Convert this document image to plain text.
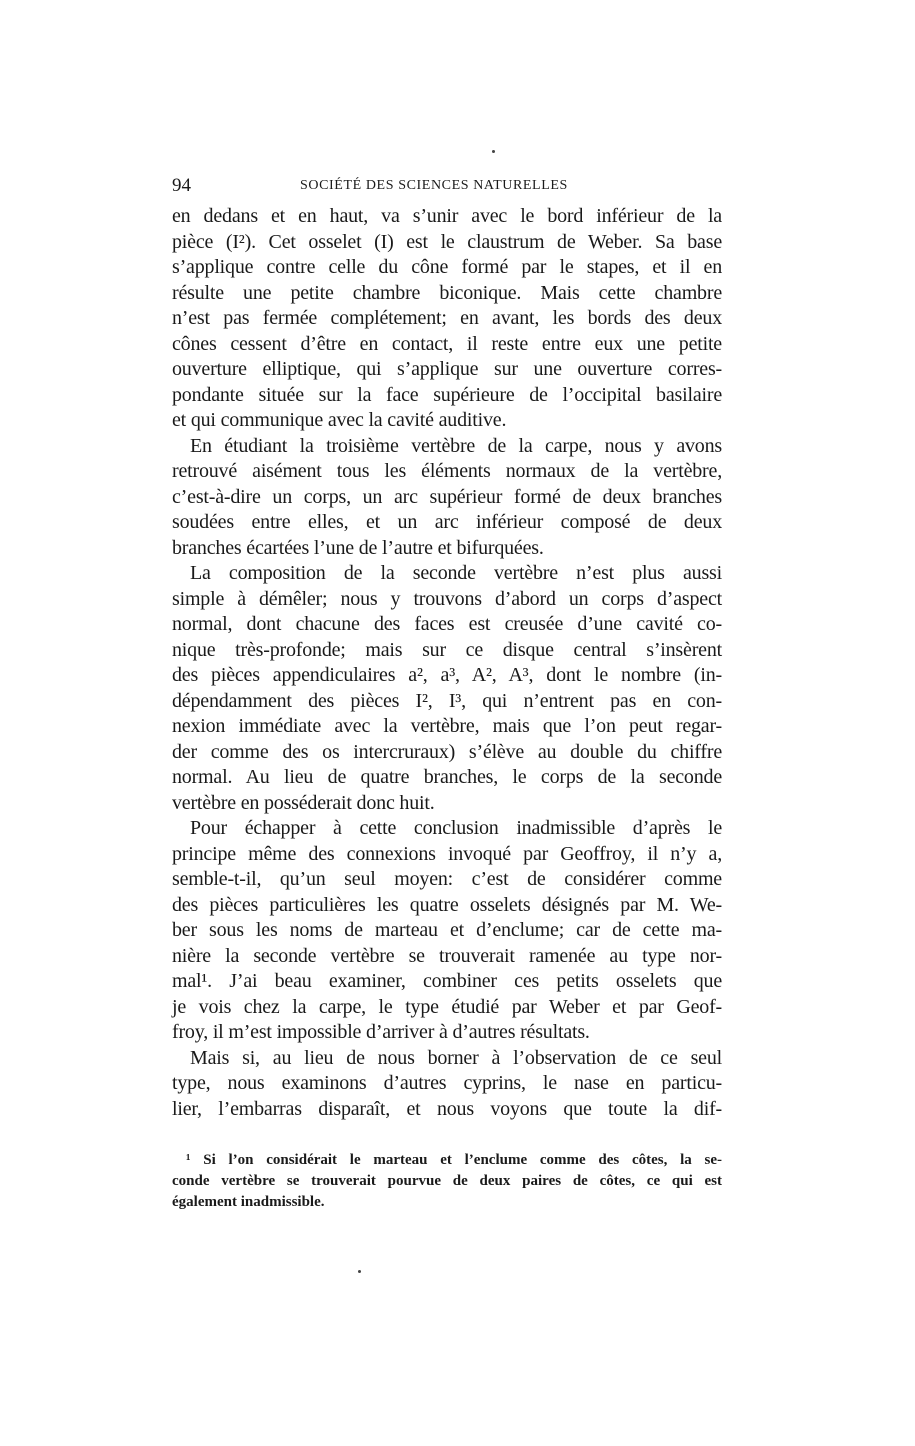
94	SOCIÉTÉ DES SCIENCES NATURELLES
en dedans et en haut, va s’unir avec le bord inférieur de la
pièce (I²). Cet osselet (I) est le claustrum de Weber. Sa base
s’applique contre celle du cône formé par le stapes, et il en
résulte une petite chambre biconique. Mais cette chambre
n’est pas fermée complétement; en avant, les bords des deux
cônes cessent d’être en contact, il reste entre eux une petite
ouverture elliptique, qui s’applique sur une ouverture corres-
pondante située sur la face supérieure de l’occipital basilaire
et qui communique avec la cavité auditive.
En étudiant la troisième vertèbre de la carpe, nous y avons
retrouvé aisément tous les éléments normaux de la vertèbre,
c’est-à-dire un corps, un arc supérieur formé de deux branches
soudées entre elles, et un arc inférieur composé de deux
branches écartées l’une de l’autre et bifurquées.
La composition de la seconde vertèbre n’est plus aussi
simple à démêler; nous y trouvons d’abord un corps d’aspect
normal, dont chacune des faces est creusée d’une cavité co-
nique très-profonde; mais sur ce disque central s’insèrent
des pièces appendiculaires a², a³, A², A³, dont le nombre (in-
dépendamment des pièces I², I³, qui n’entrent pas en con-
nexion immédiate avec la vertèbre, mais que l’on peut regar-
der comme des os intercruraux) s’élève au double du chiffre
normal. Au lieu de quatre branches, le corps de la seconde
vertèbre en posséderait donc huit.
Pour échapper à cette conclusion inadmissible d’après le
principe même des connexions invoqué par Geoffroy, il n’y a,
semble-t-il, qu’un seul moyen: c’est de considérer comme
des pièces particulières les quatre osselets désignés par M. We-
ber sous les noms de marteau et d’enclume; car de cette ma-
nière la seconde vertèbre se trouverait ramenée au type nor-
mal¹. J’ai beau examiner, combiner ces petits osselets que
je vois chez la carpe, le type étudié par Weber et par Geof-
froy, il m’est impossible d’arriver à d’autres résultats.
Mais si, au lieu de nous borner à l’observation de ce seul
type, nous examinons d’autres cyprins, le nase en particu-
lier, l’embarras disparaît, et nous voyons que toute la dif-
¹ Si l’on considérait le marteau et l’enclume comme des côtes, la se-
conde vertèbre se trouverait pourvue de deux paires de côtes, ce qui est
également inadmissible.
